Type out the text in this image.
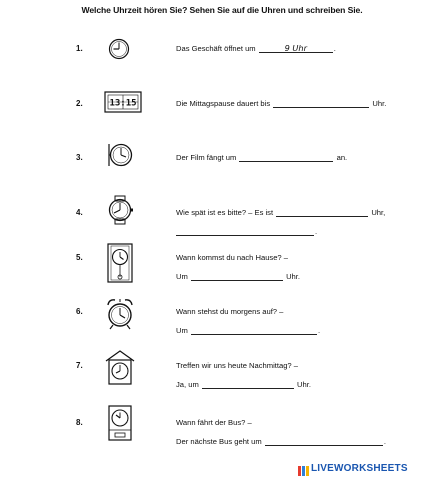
Welche Uhrzeit hören Sie? Sehen Sie auf die Uhren und schreiben Sie.
1.	Das Geschäft öffnet um	9 Uhr	.
2.	13:15	Die Mittagspause dauert bis	Uhr.
3.	Der Film fängt um	an.
4.	Wie spät ist es bitte? – Es ist	Uhr,
.
5.	Wann kommst du nach Hause? –
Um	Uhr.
6.	Wann stehst du morgens auf? –
Um	.
7.	Treffen wir uns heute Nachmittag? –
Ja, um	Uhr.
8.	Wann fährt der Bus? –
Der nächste Bus geht um	.
LIVEWORKSHEETS
